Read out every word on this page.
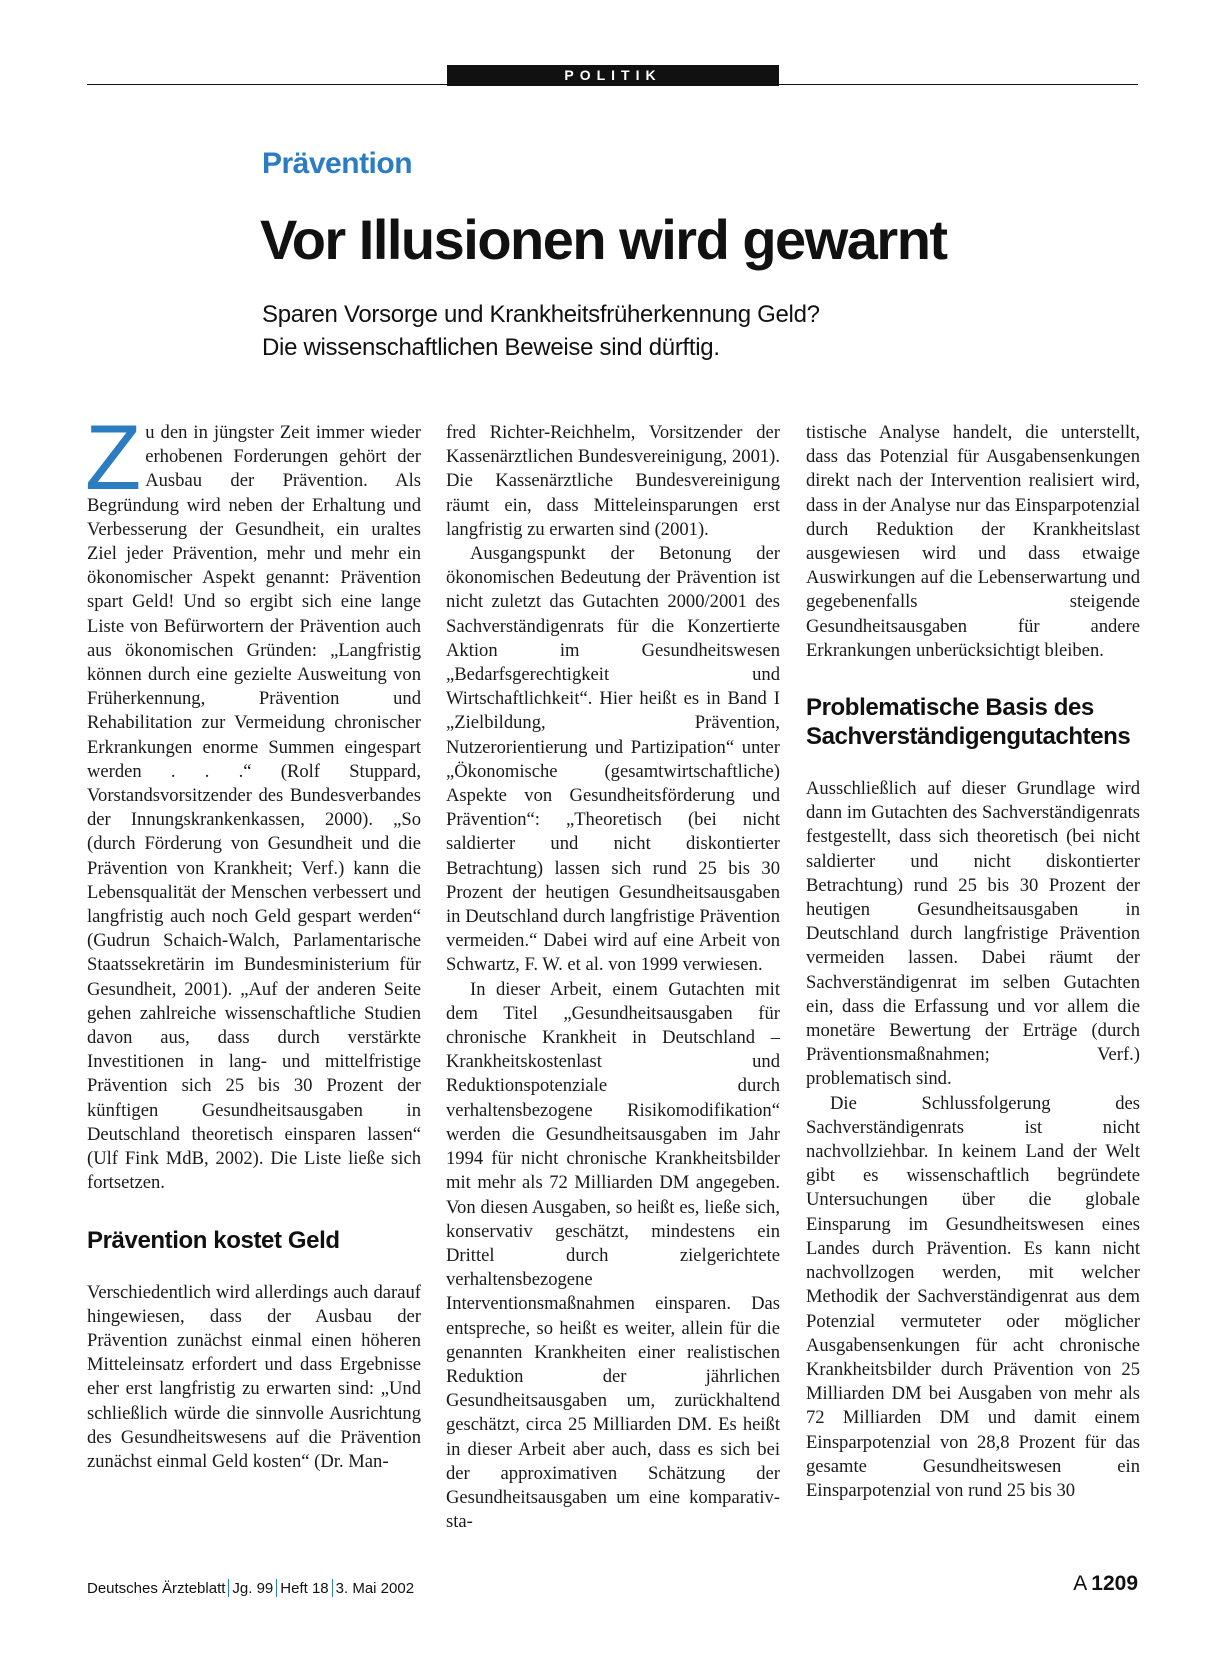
POLITIK
Prävention
Vor Illusionen wird gewarnt
Sparen Vorsorge und Krankheitsfrüherkennung Geld?
Die wissenschaftlichen Beweise sind dürftig.

Zu den in jüngster Zeit immer wieder erhobenen Forderungen gehört der Ausbau der Prävention. Als Begründung wird neben der Erhaltung und Verbesserung der Gesundheit, ein uraltes Ziel jeder Prävention, mehr und mehr ein ökonomischer Aspekt genannt: Prävention spart Geld! Und so ergibt sich eine lange Liste von Befürwortern der Prävention auch aus ökonomischen Gründen: „Langfristig können durch eine gezielte Ausweitung von Früherkennung, Prävention und Rehabilitation zur Vermeidung chronischer Erkrankungen enorme Summen eingespart werden . . .“ (Rolf Stuppard, Vorstandsvorsitzender des Bundesverbandes der Innungskrankenkassen, 2000). „So (durch Förderung von Gesundheit und die Prävention von Krankheit; Verf.) kann die Lebensqualität der Menschen verbessert und langfristig auch noch Geld gespart werden“ (Gudrun Schaich-Walch, Parlamentarische Staatssekretärin im Bundesministerium für Gesundheit, 2001). „Auf der anderen Seite gehen zahlreiche wissenschaftliche Studien davon aus, dass durch verstärkte Investitionen in lang- und mittelfristige Prävention sich 25 bis 30 Prozent der künftigen Gesundheitsausgaben in Deutschland theoretisch einsparen lassen“ (Ulf Fink MdB, 2002). Die Liste ließe sich fortsetzen.

Prävention kostet Geld

Verschiedentlich wird allerdings auch darauf hingewiesen, dass der Ausbau der Prävention zunächst einmal einen höheren Mitteleinsatz erfordert und dass Ergebnisse eher erst langfristig zu erwarten sind: „Und schließlich würde die sinnvolle Ausrichtung des Gesundheitswesens auf die Prävention zunächst einmal Geld kosten“ (Dr. Man-

fred Richter-Reichhelm, Vorsitzender der Kassenärztlichen Bundesvereinigung, 2001). Die Kassenärztliche Bundesvereinigung räumt ein, dass Mitteleinsparungen erst langfristig zu erwarten sind (2001).

Ausgangspunkt der Betonung der ökonomischen Bedeutung der Prävention ist nicht zuletzt das Gutachten 2000/2001 des Sachverständigenrats für die Konzertierte Aktion im Gesundheitswesen „Bedarfsgerechtigkeit und Wirtschaftlichkeit“. Hier heißt es in Band I „Zielbildung, Prävention, Nutzerorientierung und Partizipation“ unter „Ökonomische (gesamtwirtschaftliche) Aspekte von Gesundheitsförderung und Prävention“: „Theoretisch (bei nicht saldierter und nicht diskontierter Betrachtung) lassen sich rund 25 bis 30 Prozent der heutigen Gesundheitsausgaben in Deutschland durch langfristige Prävention vermeiden.“ Dabei wird auf eine Arbeit von Schwartz, F. W. et al. von 1999 verwiesen.

In dieser Arbeit, einem Gutachten mit dem Titel „Gesundheitsausgaben für chronische Krankheit in Deutschland – Krankheitskostenlast und Reduktionspotenziale durch verhaltensbezogene Risikomodifikation“ werden die Gesundheitsausgaben im Jahr 1994 für nicht chronische Krankheitsbilder mit mehr als 72 Milliarden DM angegeben. Von diesen Ausgaben, so heißt es, ließe sich, konservativ geschätzt, mindestens ein Drittel durch zielgerichtete verhaltensbezogene Interventionsmaßnahmen einsparen. Das entspreche, so heißt es weiter, allein für die genannten Krankheiten einer realistischen Reduktion der jährlichen Gesundheitsausgaben um, zurückhaltend geschätzt, circa 25 Milliarden DM. Es heißt in dieser Arbeit aber auch, dass es sich bei der approximativen Schätzung der Gesundheitsausgaben um eine komparativ-sta-

tistische Analyse handelt, die unterstellt, dass das Potenzial für Ausgabensenkungen direkt nach der Intervention realisiert wird, dass in der Analyse nur das Einsparpotenzial durch Reduktion der Krankheitslast ausgewiesen wird und dass etwaige Auswirkungen auf die Lebenserwartung und gegebenenfalls steigende Gesundheitsausgaben für andere Erkrankungen unberücksichtigt bleiben.

Problematische Basis des
Sachverständigengutachtens

Ausschließlich auf dieser Grundlage wird dann im Gutachten des Sachverständigenrats festgestellt, dass sich theoretisch (bei nicht saldierter und nicht diskontierter Betrachtung) rund 25 bis 30 Prozent der heutigen Gesundheitsausgaben in Deutschland durch langfristige Prävention vermeiden lassen. Dabei räumt der Sachverständigenrat im selben Gutachten ein, dass die Erfassung und vor allem die monetäre Bewertung der Erträge (durch Präventionsmaßnahmen; Verf.) problematisch sind.

Die Schlussfolgerung des Sachverständigenrats ist nicht nachvollziehbar. In keinem Land der Welt gibt es wissenschaftlich begründete Untersuchungen über die globale Einsparung im Gesundheitswesen eines Landes durch Prävention. Es kann nicht nachvollzogen werden, mit welcher Methodik der Sachverständigenrat aus dem Potenzial vermuteter oder möglicher Ausgabensenkungen für acht chronische Krankheitsbilder durch Prävention von 25 Milliarden DM bei Ausgaben von mehr als 72 Milliarden DM und damit einem Einsparpotenzial von 28,8 Prozent für das gesamte Gesundheitswesen ein Einsparpotenzial von rund 25 bis 30

Deutsches Ärzteblatt Jg. 99 Heft 18 3. Mai 2002	A 1209
